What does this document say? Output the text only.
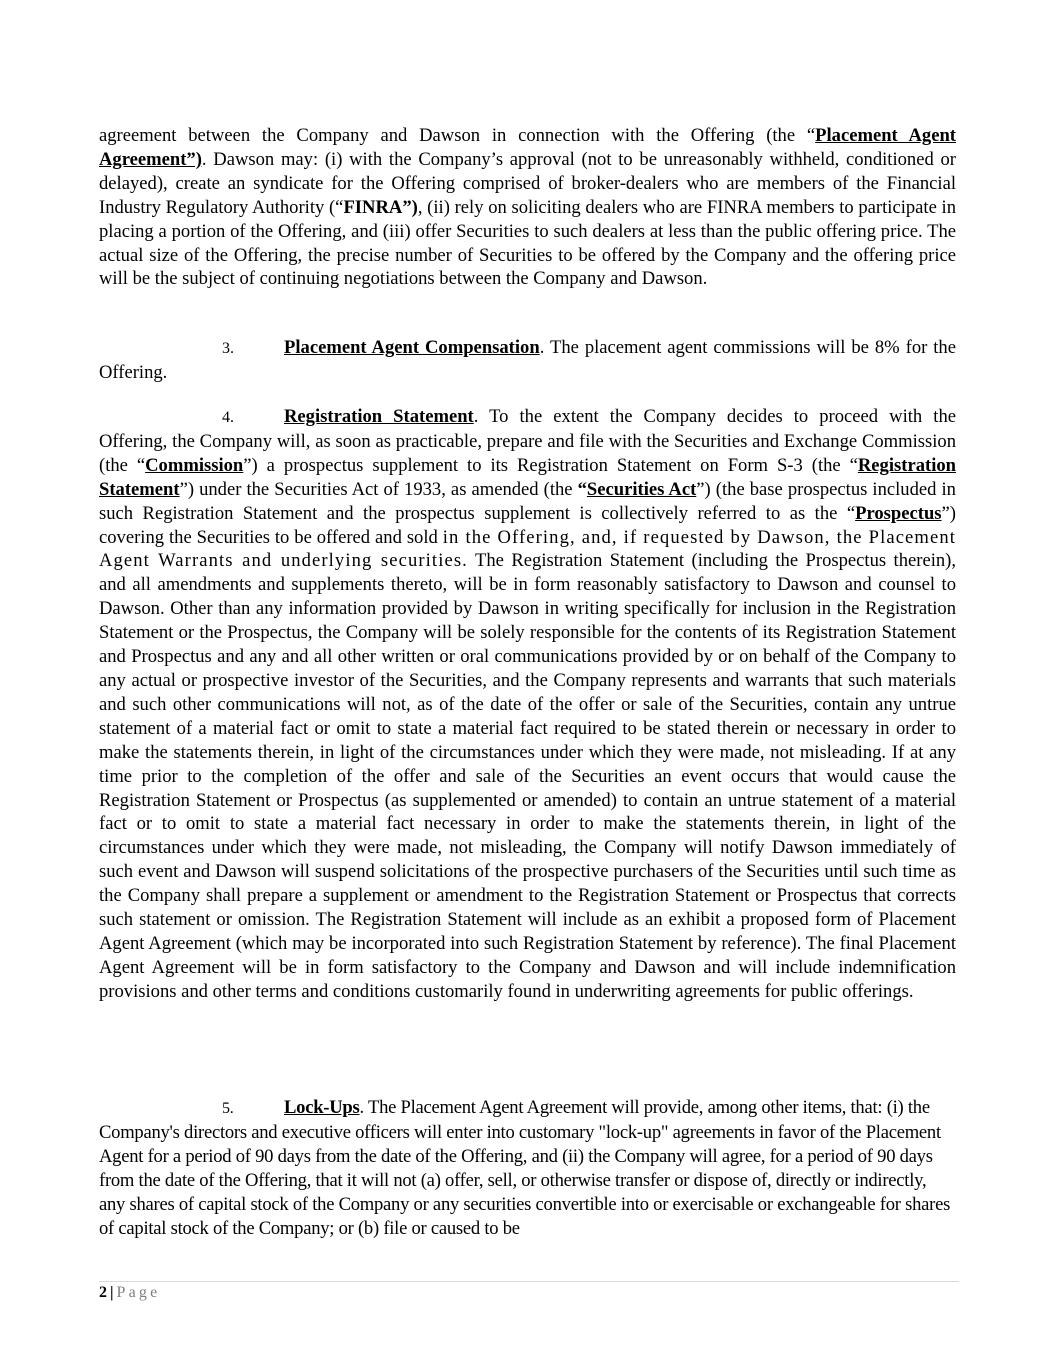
agreement between the Company and Dawson in connection with the Offering (the “Placement Agent Agreement”). Dawson may: (i) with the Company’s approval (not to be unreasonably withheld, conditioned or delayed), create an syndicate for the Offering comprised of broker-dealers who are members of the Financial Industry Regulatory Authority (“FINRA”), (ii) rely on soliciting dealers who are FINRA members to participate in placing a portion of the Offering, and (iii) offer Securities to such dealers at less than the public offering price. The actual size of the Offering, the precise number of Securities to be offered by the Company and the offering price will be the subject of continuing negotiations between the Company and Dawson.

3.	Placement Agent Compensation. The placement agent commissions will be 8% for the Offering.

4.	Registration Statement. To the extent the Company decides to proceed with the Offering, the Company will, as soon as practicable, prepare and file with the Securities and Exchange Commission (the “Commission”) a prospectus supplement to its Registration Statement on Form S-3 (the “Registration Statement”) under the Securities Act of 1933, as amended (the “Securities Act”) (the base prospectus included in such Registration Statement and the prospectus supplement is collectively referred to as the “Prospectus”) covering the Securities to be offered and sold in the Offering, and, if requested by Dawson, the Placement Agent Warrants and underlying securities. The Registration Statement (including the Prospectus therein), and all amendments and supplements thereto, will be in form reasonably satisfactory to Dawson and counsel to Dawson. Other than any information provided by Dawson in writing specifically for inclusion in the Registration Statement or the Prospectus, the Company will be solely responsible for the contents of its Registration Statement and Prospectus and any and all other written or oral communications provided by or on behalf of the Company to any actual or prospective investor of the Securities, and the Company represents and warrants that such materials and such other communications will not, as of the date of the offer or sale of the Securities, contain any untrue statement of a material fact or omit to state a material fact required to be stated therein or necessary in order to make the statements therein, in light of the circumstances under which they were made, not misleading. If at any time prior to the completion of the offer and sale of the Securities an event occurs that would cause the Registration Statement or Prospectus (as supplemented or amended) to contain an untrue statement of a material fact or to omit to state a material fact necessary in order to make the statements therein, in light of the circumstances under which they were made, not misleading, the Company will notify Dawson immediately of such event and Dawson will suspend solicitations of the prospective purchasers of the Securities until such time as the Company shall prepare a supplement or amendment to the Registration Statement or Prospectus that corrects such statement or omission. The Registration Statement will include as an exhibit a proposed form of Placement Agent Agreement (which may be incorporated into such Registration Statement by reference). The final Placement Agent Agreement will be in form satisfactory to the Company and Dawson and will include indemnification provisions and other terms and conditions customarily found in underwriting agreements for public offerings.

5.	Lock-Ups. The Placement Agent Agreement will provide, among other items, that: (i) the Company's directors and executive officers will enter into customary "lock-up" agreements in favor of the Placement Agent for a period of 90 days from the date of the Offering, and (ii) the Company will agree, for a period of 90 days from the date of the Offering, that it will not (a) offer, sell, or otherwise transfer or dispose of, directly or indirectly, any shares of capital stock of the Company or any securities convertible into or exercisable or exchangeable for shares of capital stock of the Company; or (b) file or caused to be

2 | Page
